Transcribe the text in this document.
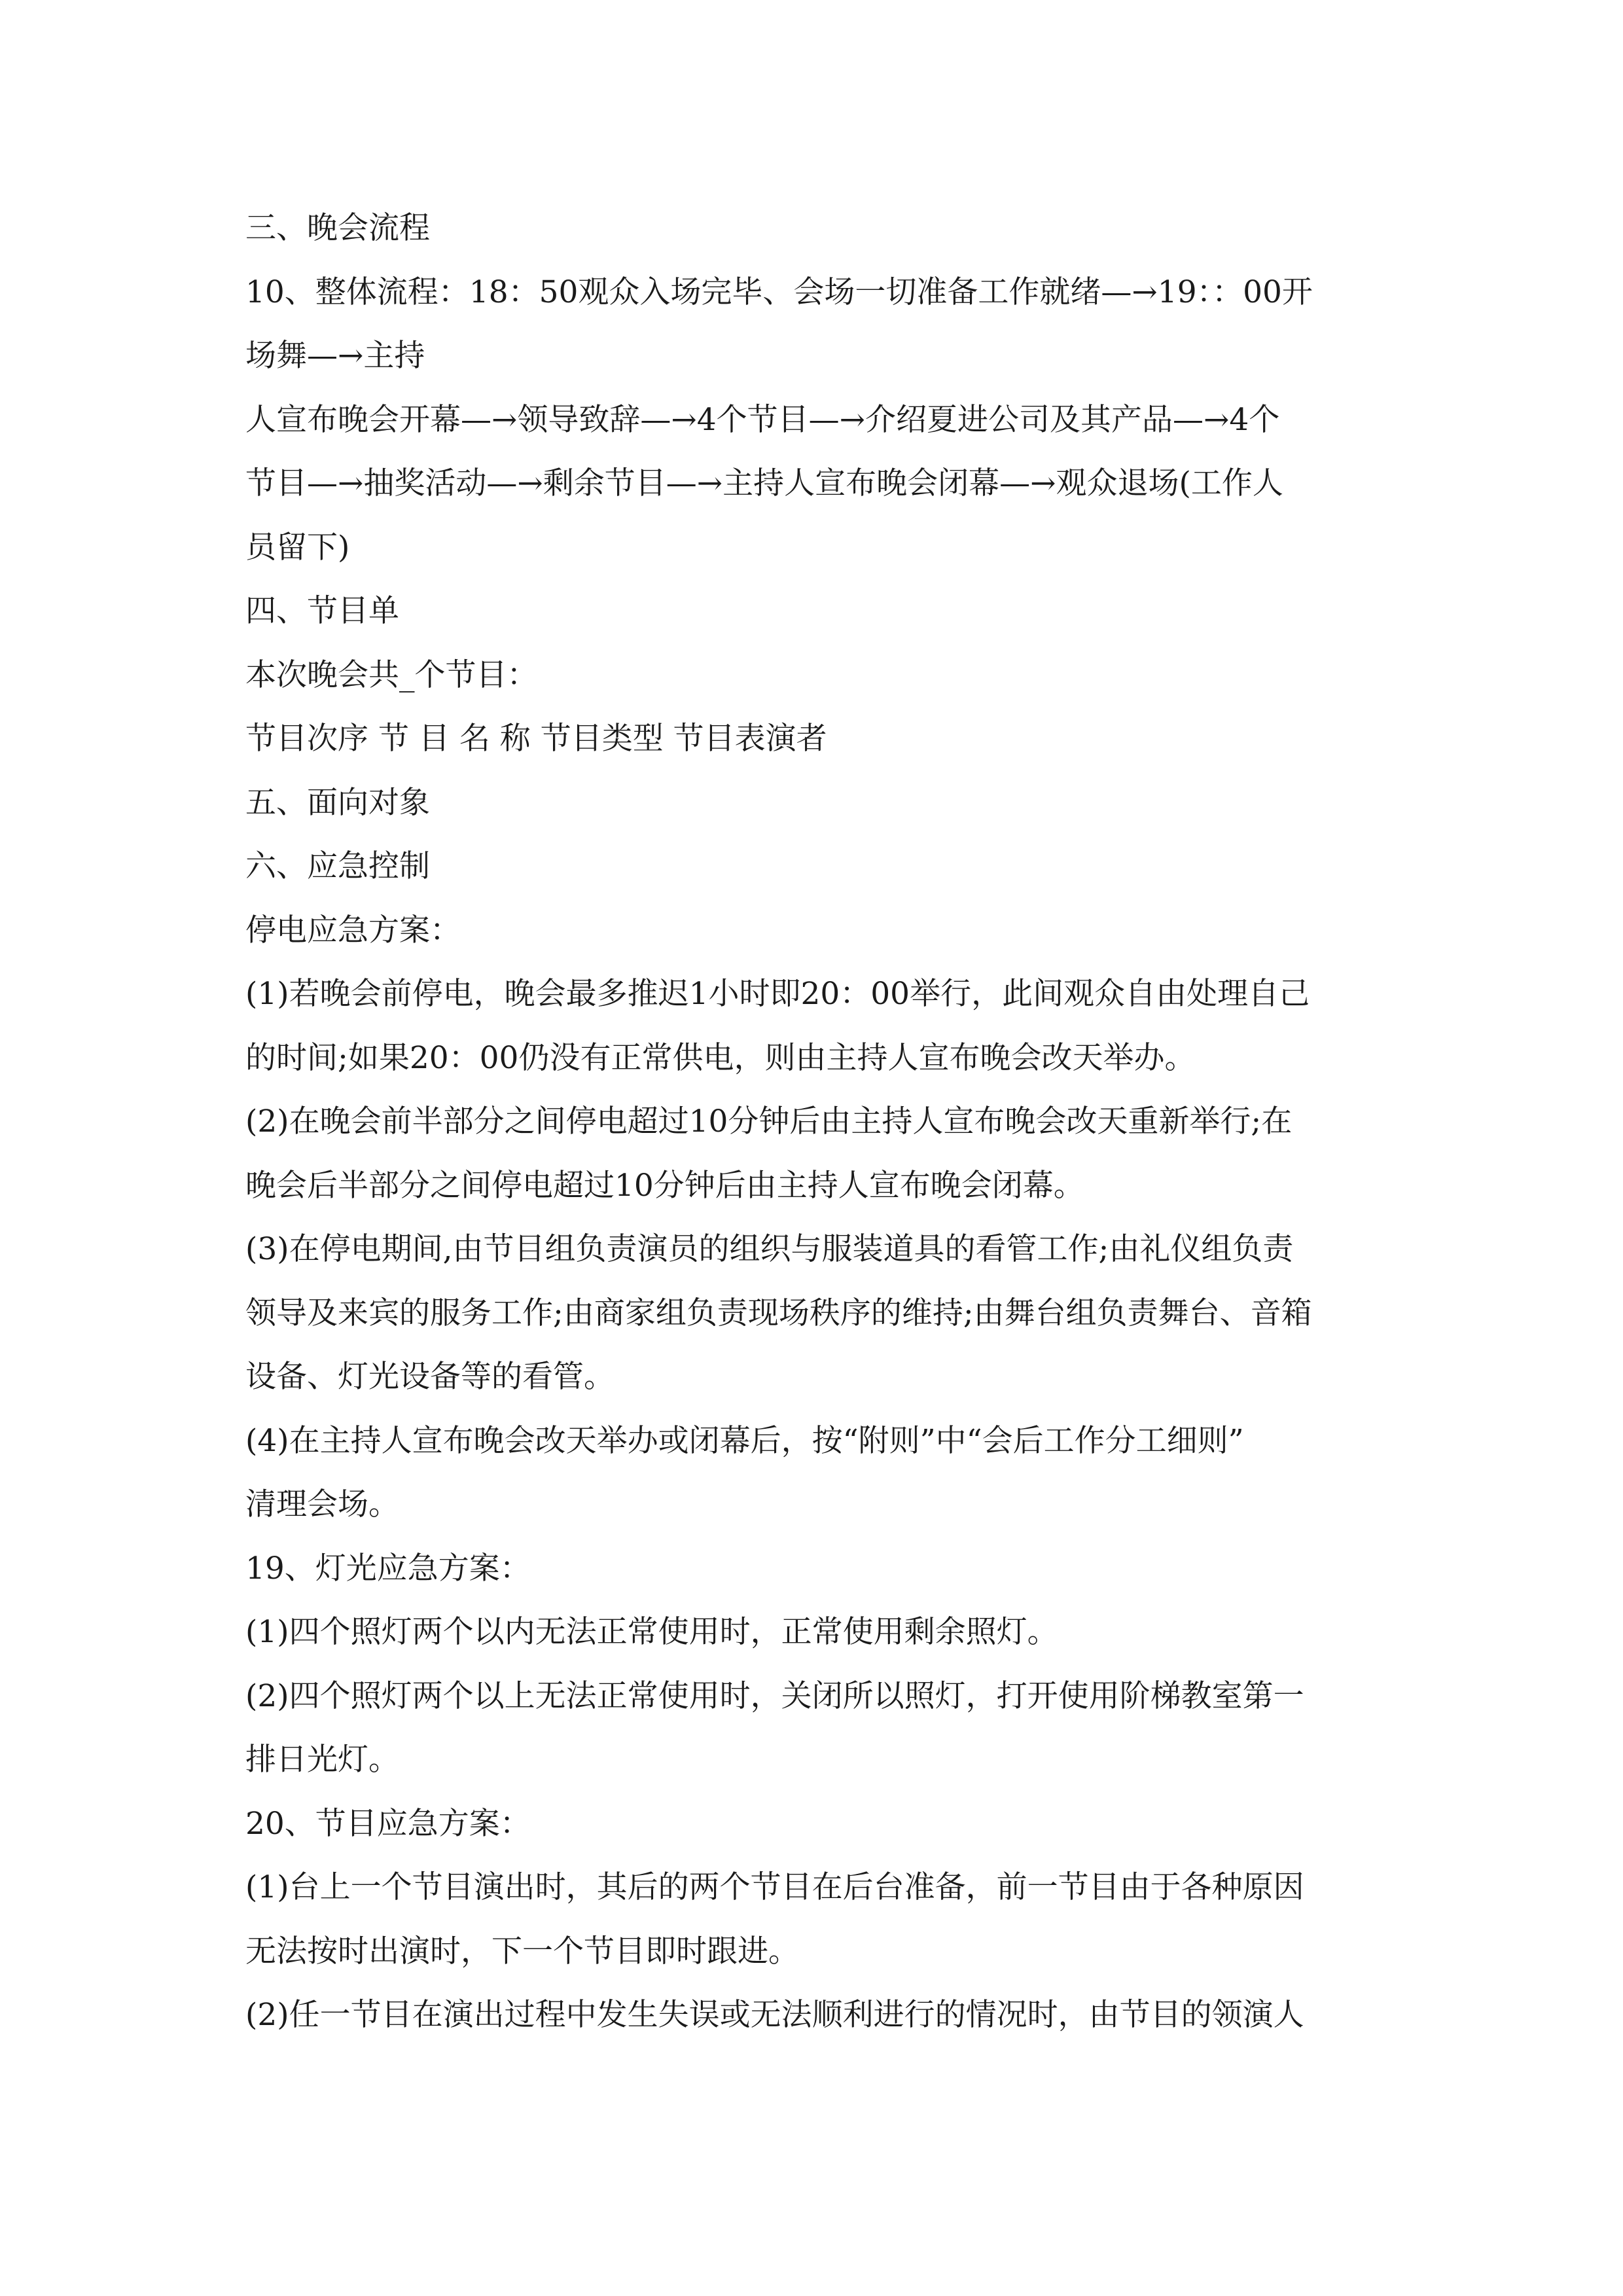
三、晚会流程
10、整体流程：18：50观众入场完毕、会场一切准备工作就绪—→19：：00开
场舞—→主持
人宣布晚会开幕—→领导致辞—→4个节目—→介绍夏进公司及其产品—→4个
节目—→抽奖活动—→剩余节目—→主持人宣布晚会闭幕—→观众退场(工作人
员留下)
四、节目单
本次晚会共_个节目：
节目次序 节 目 名 称 节目类型 节目表演者
五、面向对象
六、应急控制
停电应急方案：
(1)若晚会前停电，晚会最多推迟1小时即20：00举行，此间观众自由处理自己
的时间;如果20：00仍没有正常供电，则由主持人宣布晚会改天举办。
(2)在晚会前半部分之间停电超过10分钟后由主持人宣布晚会改天重新举行;在
晚会后半部分之间停电超过10分钟后由主持人宣布晚会闭幕。
(3)在停电期间,由节目组负责演员的组织与服装道具的看管工作;由礼仪组负责
领导及来宾的服务工作;由商家组负责现场秩序的维持;由舞台组负责舞台、音箱
设备、灯光设备等的看管。
(4)在主持人宣布晚会改天举办或闭幕后，按“附则”中“会后工作分工细则”
清理会场。
19、灯光应急方案：
(1)四个照灯两个以内无法正常使用时，正常使用剩余照灯。
(2)四个照灯两个以上无法正常使用时，关闭所以照灯，打开使用阶梯教室第一
排日光灯。
20、节目应急方案：
(1)台上一个节目演出时，其后的两个节目在后台准备，前一节目由于各种原因
无法按时出演时，下一个节目即时跟进。
(2)任一节目在演出过程中发生失误或无法顺利进行的情况时，由节目的领演人
